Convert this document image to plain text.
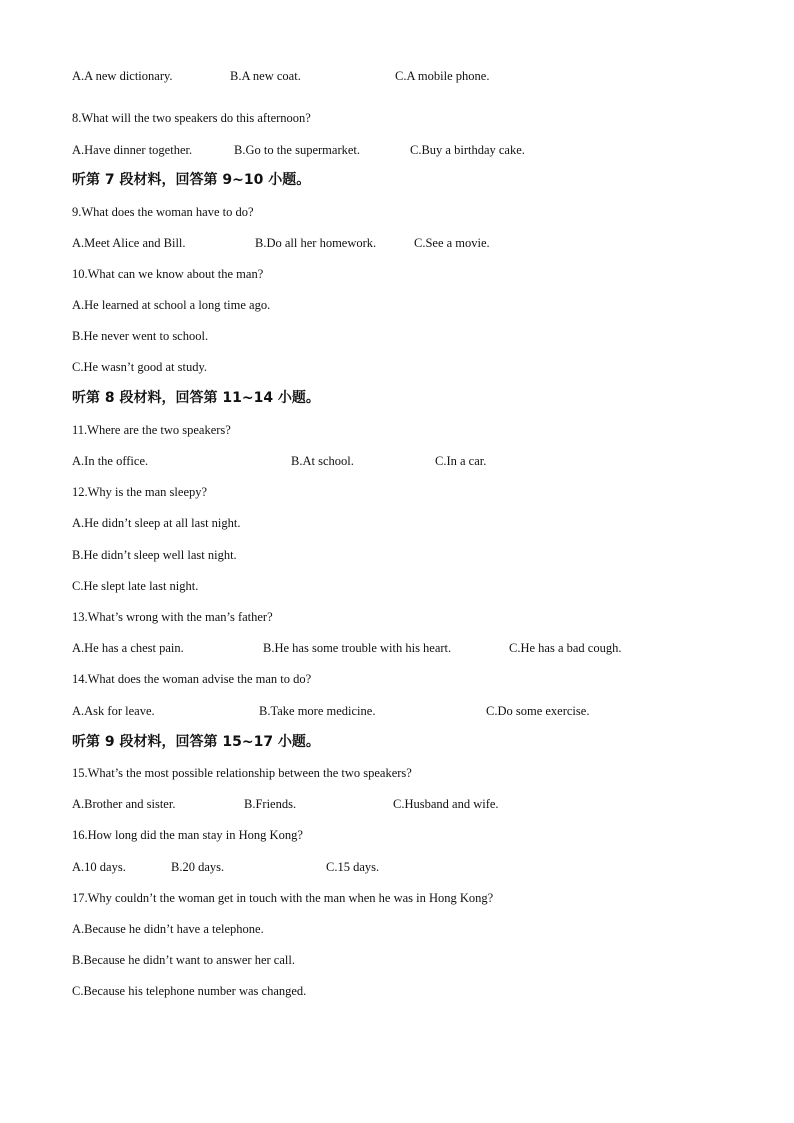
A.A new dictionary.	B.A new coat.	C.A mobile phone.
8.What will the two speakers do this afternoon?
A.Have dinner together.	B.Go to the supermarket.	C.Buy a birthday cake.
听第 7 段材料，回答第 9~10 小题。
9.What does the woman have to do?
A.Meet Alice and Bill.	B.Do all her homework.	C.See a movie.
10.What can we know about the man?
A.He learned at school a long time ago.
B.He never went to school.
C.He wasn’t good at study.
听第 8 段材料，回答第 11~14 小题。
11.Where are the two speakers?
A.In the office.	B.At school.	C.In a car.
12.Why is the man sleepy?
A.He didn’t sleep at all last night.
B.He didn’t sleep well last night.
C.He slept late last night.
13.What’s wrong with the man’s father?
A.He has a chest pain.	B.He has some trouble with his heart.	C.He has a bad cough.
14.What does the woman advise the man to do?
A.Ask for leave.	B.Take more medicine.	C.Do some exercise.
听第 9 段材料，回答第 15~17 小题。
15.What’s the most possible relationship between the two speakers?
A.Brother and sister.	B.Friends.	C.Husband and wife.
16.How long did the man stay in Hong Kong?
A.10 days.	B.20 days.	C.15 days.
17.Why couldn’t the woman get in touch with the man when he was in Hong Kong?
A.Because he didn’t have a telephone.
B.Because he didn’t want to answer her call.
C.Because his telephone number was changed.
